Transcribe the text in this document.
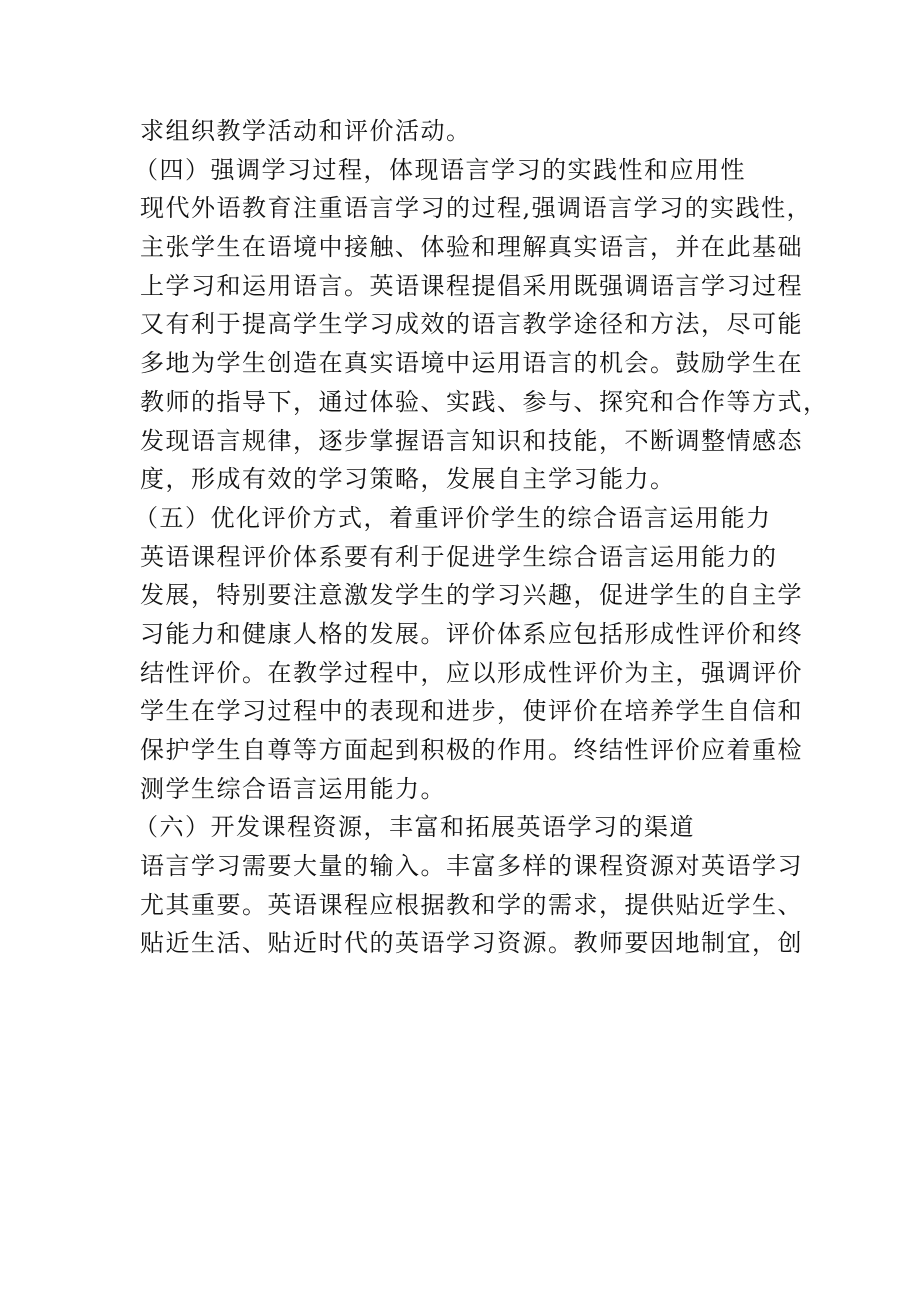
求组织教学活动和评价活动。
（四）强调学习过程，体现语言学习的实践性和应用性
现代外语教育注重语言学习的过程,强调语言学习的实践性，
主张学生在语境中接触、体验和理解真实语言，并在此基础
上学习和运用语言。英语课程提倡采用既强调语言学习过程
又有利于提高学生学习成效的语言教学途径和方法，尽可能
多地为学生创造在真实语境中运用语言的机会。鼓励学生在
教师的指导下，通过体验、实践、参与、探究和合作等方式，
发现语言规律，逐步掌握语言知识和技能，不断调整情感态
度，形成有效的学习策略，发展自主学习能力。
（五）优化评价方式，着重评价学生的综合语言运用能力
英语课程评价体系要有利于促进学生综合语言运用能力的
发展，特别要注意激发学生的学习兴趣，促进学生的自主学
习能力和健康人格的发展。评价体系应包括形成性评价和终
结性评价。在教学过程中，应以形成性评价为主，强调评价
学生在学习过程中的表现和进步，使评价在培养学生自信和
保护学生自尊等方面起到积极的作用。终结性评价应着重检
测学生综合语言运用能力。
（六）开发课程资源，丰富和拓展英语学习的渠道
语言学习需要大量的输入。丰富多样的课程资源对英语学习
尤其重要。英语课程应根据教和学的需求，提供贴近学生、
贴近生活、贴近时代的英语学习资源。教师要因地制宜，创
